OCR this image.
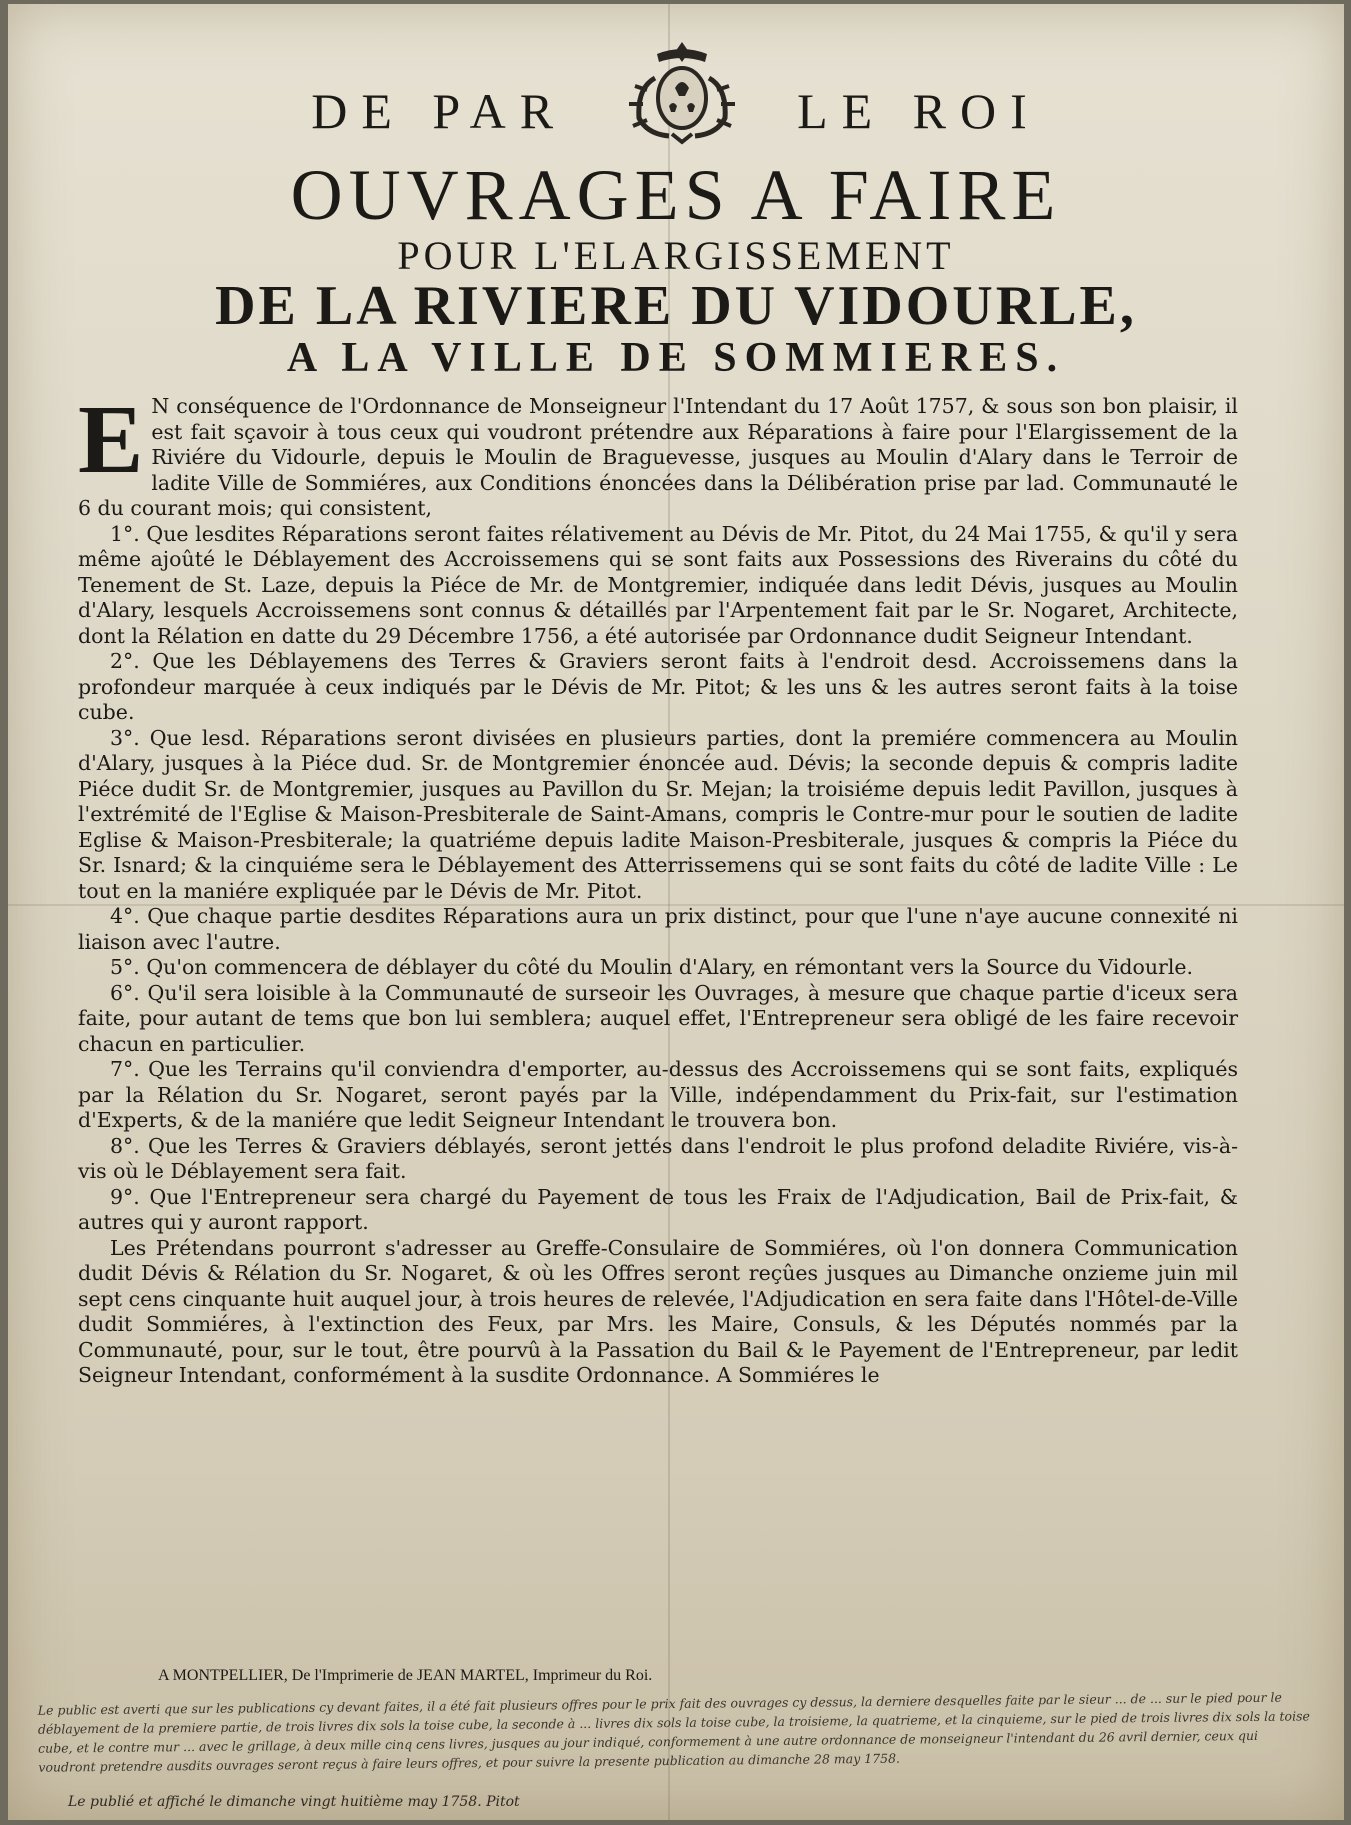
DE PAR	LE ROI
OUVRAGES A FAIRE
POUR L'ELARGISSEMENT
DE LA RIVIERE DU VIDOURLE,
A LA VILLE DE SOMMIERES.
E N conséquence de l'Ordonnance de Monseigneur l'Intendant du 17 Août 1757, & sous son bon plaisir, il est fait sçavoir à tous ceux qui voudront prétendre aux Réparations à faire pour l'Elargissement de la Riviére du Vidourle, depuis le Moulin de Braguevesse, jusques au Moulin d'Alary dans le Terroir de ladite Ville de Sommiéres, aux Conditions énoncées dans la Délibération prise par lad. Communauté le 6 du courant mois; qui consistent,

1°. Que lesdites Réparations seront faites rélativement au Dévis de Mr. Pitot, du 24 Mai 1755, & qu'il y sera même ajoûté le Déblayement des Accroissemens qui se sont faits aux Possessions des Riverains du côté du Tenement de St. Laze, depuis la Piéce de Mr. de Montgremier, indiquée dans ledit Dévis, jusques au Moulin d'Alary, lesquels Accroissemens sont connus & détaillés par l'Arpentement fait par le Sr. Nogaret, Architecte, dont la Rélation en datte du 29 Décembre 1756, a été autorisée par Ordonnance dudit Seigneur Intendant.

2°. Que les Déblayemens des Terres & Graviers seront faits à l'endroit desd. Accroissemens dans la profondeur marquée à ceux indiqués par le Dévis de Mr. Pitot; & les uns & les autres seront faits à la toise cube.

3°. Que lesd. Réparations seront divisées en plusieurs parties, dont la premiére commencera au Moulin d'Alary, jusques à la Piéce dud. Sr. de Montgremier énoncée aud. Dévis; la seconde depuis & compris ladite Piéce dudit Sr. de Montgremier, jusques au Pavillon du Sr. Mejan; la troisiéme depuis ledit Pavillon, jusques à l'extrémité de l'Eglise & Maison-Presbiterale de Saint-Amans, compris le Contre-mur pour le soutien de ladite Eglise & Maison-Presbiterale; la quatriéme depuis ladite Maison-Presbiterale, jusques & compris la Piéce du Sr. Isnard; & la cinquiéme sera le Déblayement des Atterrissemens qui se sont faits du côté de ladite Ville : Le tout en la maniére expliquée par le Dévis de Mr. Pitot.

4°. Que chaque partie desdites Réparations aura un prix distinct, pour que l'une n'aye aucune connexité ni liaison avec l'autre.

5°. Qu'on commencera de déblayer du côté du Moulin d'Alary, en rémontant vers la Source du Vidourle.

6°. Qu'il sera loisible à la Communauté de surseoir les Ouvrages, à mesure que chaque partie d'iceux sera faite, pour autant de tems que bon lui semblera; auquel effet, l'Entrepreneur sera obligé de les faire recevoir chacun en particulier.

7°. Que les Terrains qu'il conviendra d'emporter, au-dessus des Accroissemens qui se sont faits, expliqués par la Rélation du Sr. Nogaret, seront payés par la Ville, indépendamment du Prix-fait, sur l'estimation d'Experts, & de la maniére que ledit Seigneur Intendant le trouvera bon.

8°. Que les Terres & Graviers déblayés, seront jettés dans l'endroit le plus profond deladite Riviére, vis-à-vis où le Déblayement sera fait.

9°. Que l'Entrepreneur sera chargé du Payement de tous les Fraix de l'Adjudication, Bail de Prix-fait, & autres qui y auront rapport.

Les Prétendans pourront s'adresser au Greffe-Consulaire de Sommiéres, où l'on donnera Communication dudit Dévis & Rélation du Sr. Nogaret, & où les Offres seront reçûes jusques au Dimanche onzieme juin mil sept cens cinquante huit auquel jour, à trois heures de relevée, l'Adjudication en sera faite dans l'Hôtel-de-Ville dudit Sommiéres, à l'extinction des Feux, par Mrs. les Maire, Consuls, & les Députés nommés par la Communauté, pour, sur le tout, être pourvû à la Passation du Bail & le Payement de l'Entrepreneur, par ledit Seigneur Intendant, conformément à la susdite Ordonnance. A Sommiéres le

A MONTPELLIER, De l'Imprimerie de JEAN MARTEL, Imprimeur du Roi.
Le public est averti que sur les publications cy devant faites, il a été fait plusieurs offres pour le prix fait des ouvrages cy dessus, la derniere desquelles faite par le sieur ... de ... sur le pied pour le déblayement de la premiere partie, de trois livres dix sols la toise cube, la seconde à ... livres dix sols la toise cube, la troisieme, la quatrieme, et la cinquieme, sur le pied de trois livres dix sols la toise cube, et le contre mur ... avec le grillage, à deux mille cinq cens livres, jusques au jour indiqué, conformement à une autre ordonnance de monseigneur l'intendant du 26 avril dernier, ceux qui voudront pretendre ausdits ouvrages seront reçus à faire leurs offres, et pour suivre la presente publication au dimanche 28 may 1758.
Le publié et affiché le dimanche vingt huitième may 1758. Pitot
